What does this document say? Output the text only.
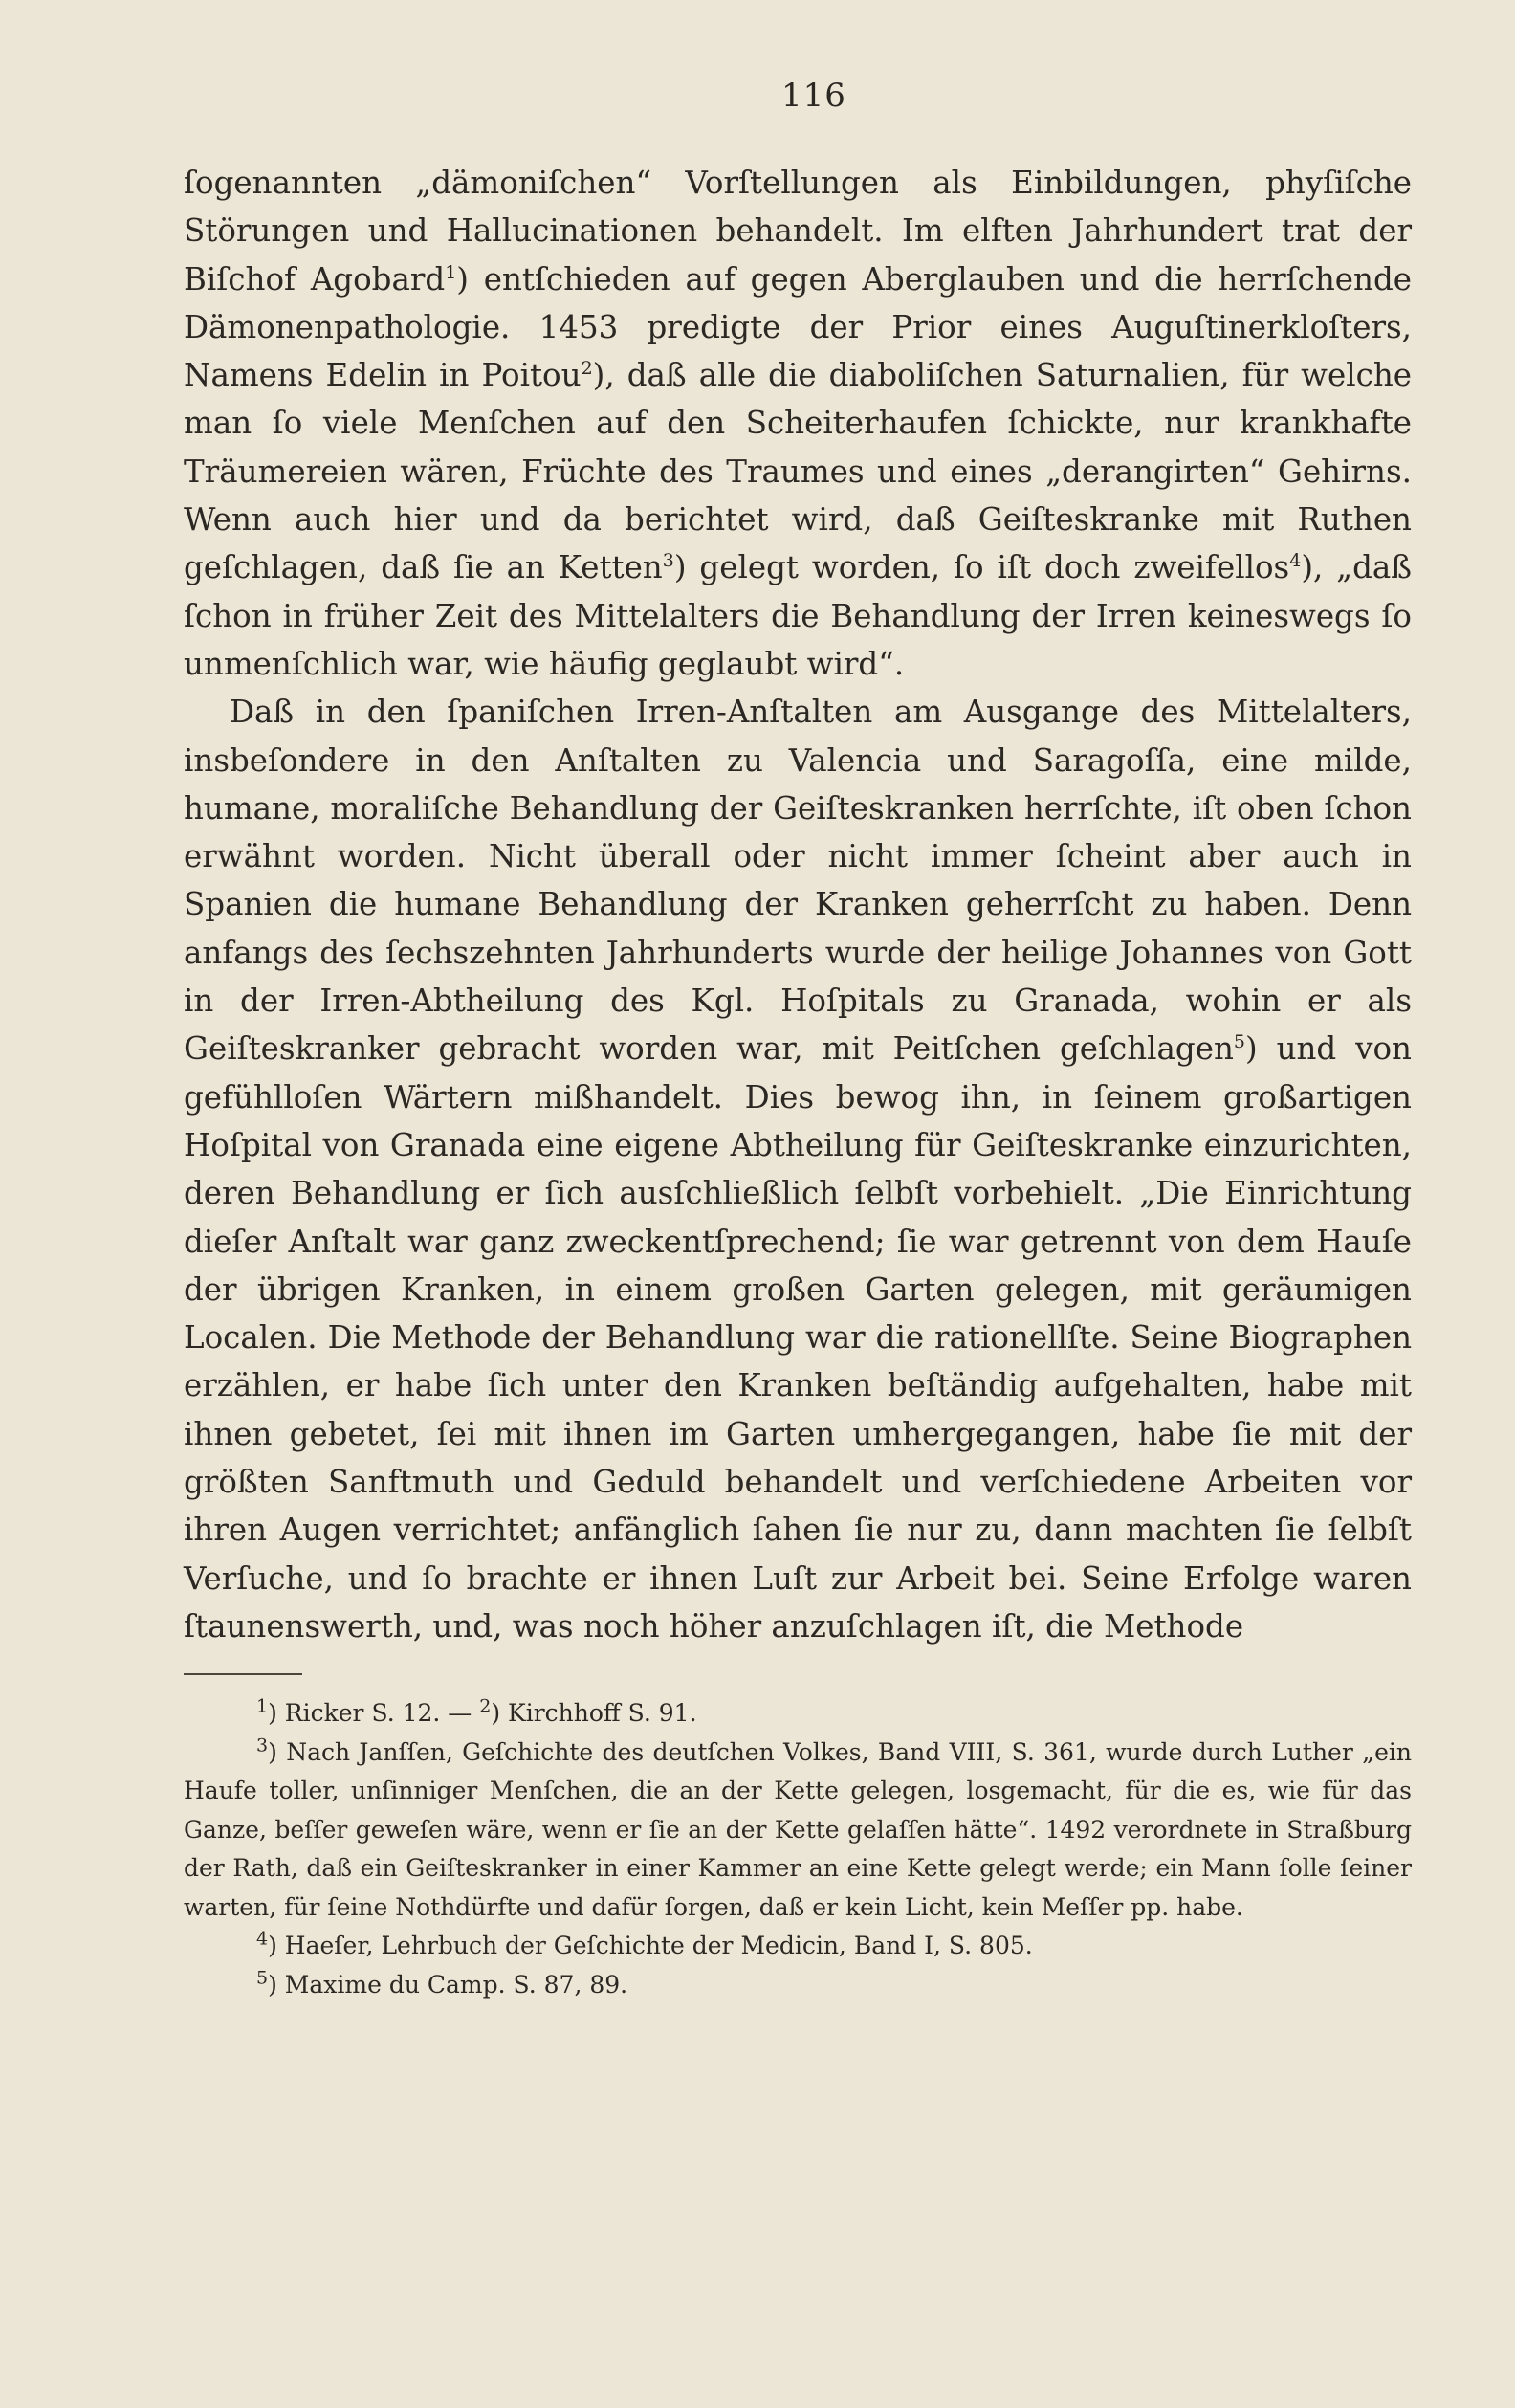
116

ſogenannten „dämoniſchen“ Vorſtellungen als Einbildungen, phyſiſche Störungen und Hallucinationen behandelt. Im elften Jahrhundert trat der Biſchof Agobard$^1$) entſchieden auf gegen Aberglauben und die herrſchende Dämonenpathologie. 1453 predigte der Prior eines Auguſtinerkloſters, Namens Edelin in Poitou$^2$), daß alle die diaboliſchen Saturnalien, für welche man ſo viele Menſchen auf den Scheiterhaufen ſchickte, nur krankhafte Träumereien wären, Früchte des Traumes und eines „derangirten“ Gehirns. Wenn auch hier und da berichtet wird, daß Geiſteskranke mit Ruthen geſchlagen, daß ſie an Ketten$^3$) gelegt worden, ſo iſt doch zweifellos$^4$), „daß ſchon in früher Zeit des Mittelalters die Behandlung der Irren keineswegs ſo unmenſchlich war, wie häufig geglaubt wird“.

Daß in den ſpaniſchen Irren-Anſtalten am Ausgange des Mittelalters, insbeſondere in den Anſtalten zu Valencia und Saragoſſa, eine milde, humane, moraliſche Behandlung der Geiſteskranken herrſchte, iſt oben ſchon erwähnt worden. Nicht überall oder nicht immer ſcheint aber auch in Spanien die humane Behandlung der Kranken geherrſcht zu haben. Denn anfangs des ſechszehnten Jahrhunderts wurde der heilige Johannes von Gott in der Irren-Abtheilung des Kgl. Hoſpitals zu Granada, wohin er als Geiſteskranker gebracht worden war, mit Peitſchen geſchlagen$^5$) und von gefühlloſen Wärtern mißhandelt. Dies bewog ihn, in ſeinem großartigen Hoſpital von Granada eine eigene Abtheilung für Geiſteskranke einzurichten, deren Behandlung er ſich ausſchließlich ſelbſt vorbehielt. „Die Einrichtung dieſer Anſtalt war ganz zweckentſprechend; ſie war getrennt von dem Hauſe der übrigen Kranken, in einem großen Garten gelegen, mit geräumigen Localen. Die Methode der Behandlung war die rationellſte. Seine Biographen erzählen, er habe ſich unter den Kranken beſtändig aufgehalten, habe mit ihnen gebetet, ſei mit ihnen im Garten umhergegangen, habe ſie mit der größten Sanftmuth und Geduld behandelt und verſchiedene Arbeiten vor ihren Augen verrichtet; anfänglich ſahen ſie nur zu, dann machten ſie ſelbſt Verſuche, und ſo brachte er ihnen Luſt zur Arbeit bei. Seine Erfolge waren ſtaunenswerth, und, was noch höher anzuſchlagen iſt, die Methode

$^1$) Ricker S. 12. — $^2$) Kirchhoff S. 91.

$^3$) Nach Janſſen, Geſchichte des deutſchen Volkes, Band VIII, S. 361, wurde durch Luther „ein Haufe toller, unſinniger Menſchen, die an der Kette gelegen, losgemacht, für die es, wie für das Ganze, beſſer geweſen wäre, wenn er ſie an der Kette gelaſſen hätte“. 1492 verordnete in Straßburg der Rath, daß ein Geiſteskranker in einer Kammer an eine Kette gelegt werde; ein Mann ſolle ſeiner warten, für ſeine Nothdürfte und dafür ſorgen, daß er kein Licht, kein Meſſer pp. habe.

$^4$) Haeſer, Lehrbuch der Geſchichte der Medicin, Band I, S. 805.

$^5$) Maxime du Camp. S. 87, 89.
